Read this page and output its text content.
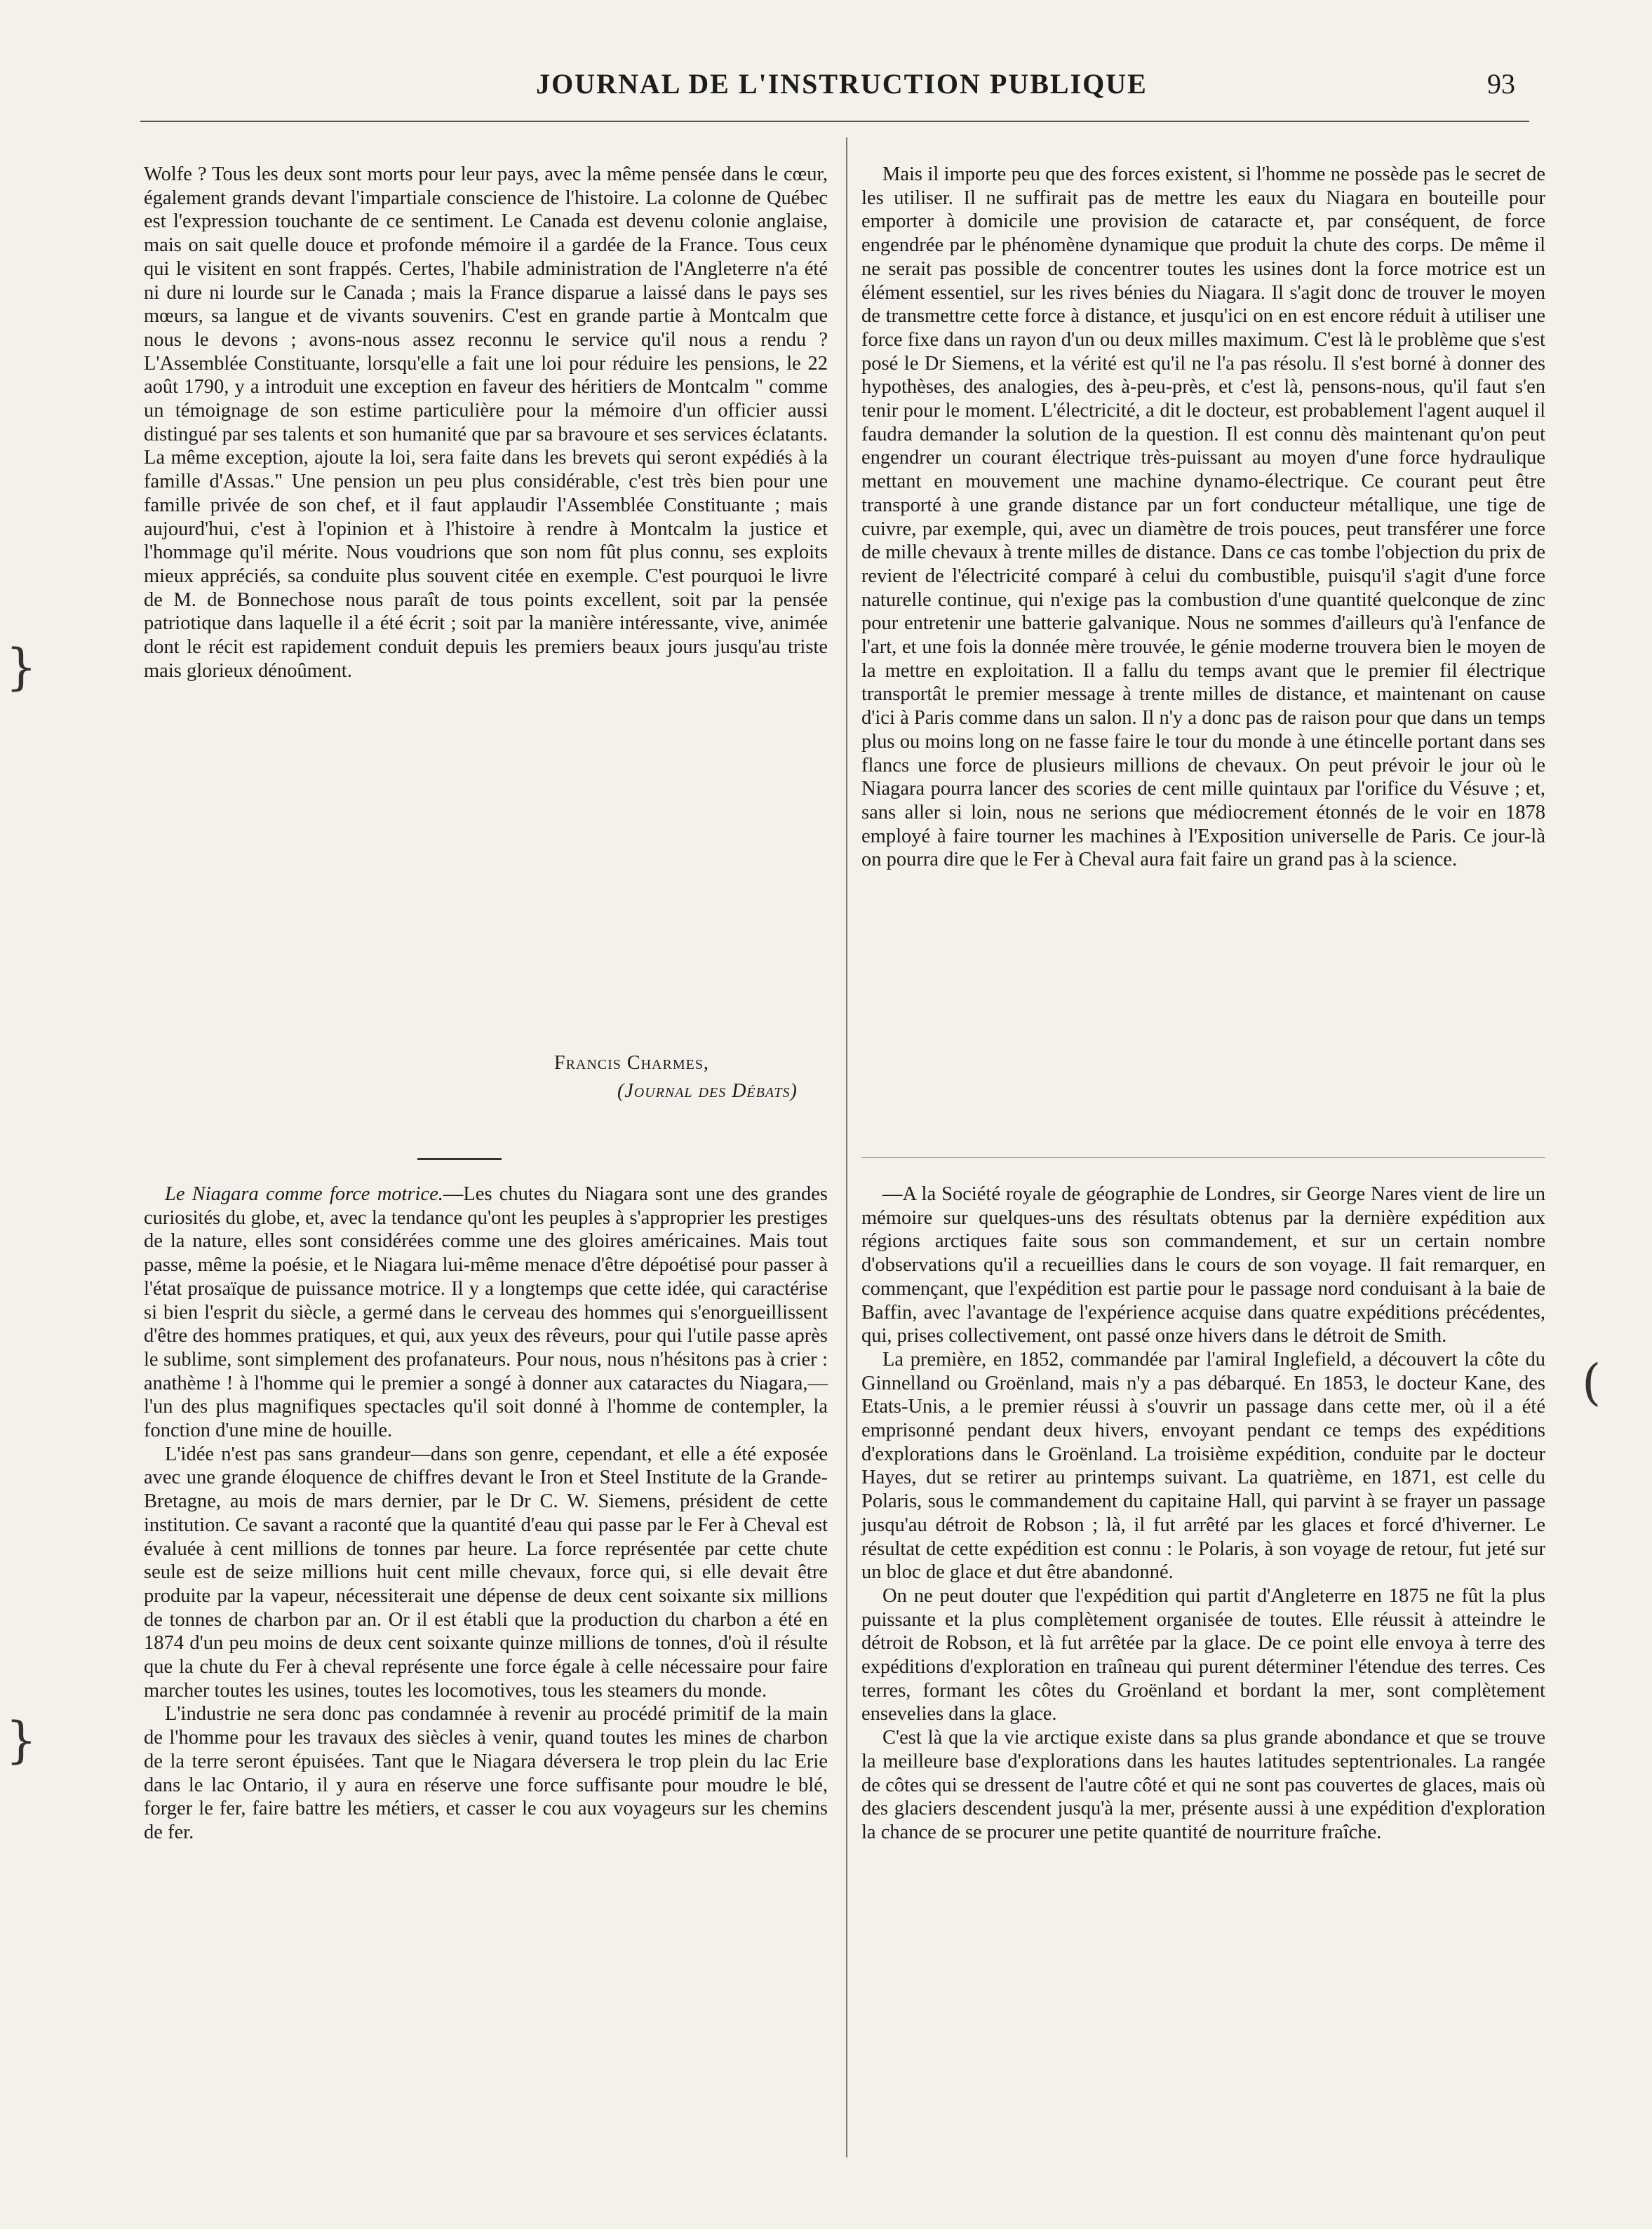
JOURNAL DE L'INSTRUCTION PUBLIQUE	93

Wolfe ? Tous les deux sont morts pour leur pays, avec la même pensée dans le cœur, également grands devant l'impartiale conscience de l'histoire. La colonne de Québec est l'expression touchante de ce sentiment. Le Canada est devenu colonie anglaise, mais on sait quelle douce et profonde mémoire il a gardée de la France. Tous ceux qui le visitent en sont frappés. Certes, l'habile administration de l'Angleterre n'a été ni dure ni lourde sur le Canada ; mais la France disparue a laissé dans le pays ses mœurs, sa langue et de vivants souvenirs. C'est en grande partie à Montcalm que nous le devons ; avons-nous assez reconnu le service qu'il nous a rendu ? L'Assemblée Constituante, lorsqu'elle a fait une loi pour réduire les pensions, le 22 août 1790, y a introduit une exception en faveur des héritiers de Montcalm " comme un témoignage de son estime particulière pour la mémoire d'un officier aussi distingué par ses talents et son humanité que par sa bravoure et ses services éclatants. La même exception, ajoute la loi, sera faite dans les brevets qui seront expédiés à la famille d'Assas." Une pension un peu plus considérable, c'est très bien pour une famille privée de son chef, et il faut applaudir l'Assemblée Constituante ; mais aujourd'hui, c'est à l'opinion et à l'histoire à rendre à Montcalm la justice et l'hommage qu'il mérite. Nous voudrions que son nom fût plus connu, ses exploits mieux appréciés, sa conduite plus souvent citée en exemple. C'est pourquoi le livre de M. de Bonnechose nous paraît de tous points excellent, soit par la pensée patriotique dans laquelle il a été écrit ; soit par la manière intéressante, vive, animée dont le récit est rapidement conduit depuis les premiers beaux jours jusqu'au triste mais glorieux dénoûment.

Francis Charmes,
(Journal des Débats)

Le Niagara comme force motrice.—Les chutes du Niagara sont une des grandes curiosités du globe, et, avec la tendance qu'ont les peuples à s'approprier les prestiges de la nature, elles sont considérées comme une des gloires américaines. Mais tout passe, même la poésie, et le Niagara lui-même menace d'être dépoétisé pour passer à l'état prosaïque de puissance motrice. Il y a longtemps que cette idée, qui caractérise si bien l'esprit du siècle, a germé dans le cerveau des hommes qui s'enorgueillissent d'être des hommes pratiques, et qui, aux yeux des rêveurs, pour qui l'utile passe après le sublime, sont simplement des profanateurs. Pour nous, nous n'hésitons pas à crier : anathème ! à l'homme qui le premier a songé à donner aux cataractes du Niagara,—l'un des plus magnifiques spectacles qu'il soit donné à l'homme de contempler, la fonction d'une mine de houille.

L'idée n'est pas sans grandeur—dans son genre, cependant, et elle a été exposée avec une grande éloquence de chiffres devant le Iron et Steel Institute de la Grande-Bretagne, au mois de mars dernier, par le Dr C. W. Siemens, président de cette institution. Ce savant a raconté que la quantité d'eau qui passe par le Fer à Cheval est évaluée à cent millions de tonnes par heure. La force représentée par cette chute seule est de seize millions huit cent mille chevaux, force qui, si elle devait être produite par la vapeur, nécessiterait une dépense de deux cent soixante six millions de tonnes de charbon par an. Or il est établi que la production du charbon a été en 1874 d'un peu moins de deux cent soixante quinze millions de tonnes, d'où il résulte que la chute du Fer à cheval représente une force égale à celle nécessaire pour faire marcher toutes les usines, toutes les locomotives, tous les steamers du monde.

L'industrie ne sera donc pas condamnée à revenir au procédé primitif de la main de l'homme pour les travaux des siècles à venir, quand toutes les mines de charbon de la terre seront épuisées. Tant que le Niagara déversera le trop plein du lac Erie dans le lac Ontario, il y aura en réserve une force suffisante pour moudre le blé, forger le fer, faire battre les métiers, et casser le cou aux voyageurs sur les chemins de fer.

Mais il importe peu que des forces existent, si l'homme ne possède pas le secret de les utiliser. Il ne suffirait pas de mettre les eaux du Niagara en bouteille pour emporter à domicile une provision de cataracte et, par conséquent, de force engendrée par le phénomène dynamique que produit la chute des corps. De même il ne serait pas possible de concentrer toutes les usines dont la force motrice est un élément essentiel, sur les rives bénies du Niagara. Il s'agit donc de trouver le moyen de transmettre cette force à distance, et jusqu'ici on en est encore réduit à utiliser une force fixe dans un rayon d'un ou deux milles maximum. C'est là le problème que s'est posé le Dr Siemens, et la vérité est qu'il ne l'a pas résolu. Il s'est borné à donner des hypothèses, des analogies, des à-peu-près, et c'est là, pensons-nous, qu'il faut s'en tenir pour le moment. L'électricité, a dit le docteur, est probablement l'agent auquel il faudra demander la solution de la question. Il est connu dès maintenant qu'on peut engendrer un courant électrique très-puissant au moyen d'une force hydraulique mettant en mouvement une machine dynamo-électrique. Ce courant peut être transporté à une grande distance par un fort conducteur métallique, une tige de cuivre, par exemple, qui, avec un diamètre de trois pouces, peut transférer une force de mille chevaux à trente milles de distance. Dans ce cas tombe l'objection du prix de revient de l'électricité comparé à celui du combustible, puisqu'il s'agit d'une force naturelle continue, qui n'exige pas la combustion d'une quantité quelconque de zinc pour entretenir une batterie galvanique. Nous ne sommes d'ailleurs qu'à l'enfance de l'art, et une fois la donnée mère trouvée, le génie moderne trouvera bien le moyen de la mettre en exploitation. Il a fallu du temps avant que le premier fil électrique transportât le premier message à trente milles de distance, et maintenant on cause d'ici à Paris comme dans un salon. Il n'y a donc pas de raison pour que dans un temps plus ou moins long on ne fasse faire le tour du monde à une étincelle portant dans ses flancs une force de plusieurs millions de chevaux. On peut prévoir le jour où le Niagara pourra lancer des scories de cent mille quintaux par l'orifice du Vésuve ; et, sans aller si loin, nous ne serions que médiocrement étonnés de le voir en 1878 employé à faire tourner les machines à l'Exposition universelle de Paris. Ce jour-là on pourra dire que le Fer à Cheval aura fait faire un grand pas à la science.

—A la Société royale de géographie de Londres, sir George Nares vient de lire un mémoire sur quelques-uns des résultats obtenus par la dernière expédition aux régions arctiques faite sous son commandement, et sur un certain nombre d'observations qu'il a recueillies dans le cours de son voyage. Il fait remarquer, en commençant, que l'expédition est partie pour le passage nord conduisant à la baie de Baffin, avec l'avantage de l'expérience acquise dans quatre expéditions précédentes, qui, prises collectivement, ont passé onze hivers dans le détroit de Smith.

La première, en 1852, commandée par l'amiral Inglefield, a découvert la côte du Ginnelland ou Groënland, mais n'y a pas débarqué. En 1853, le docteur Kane, des Etats-Unis, a le premier réussi à s'ouvrir un passage dans cette mer, où il a été emprisonné pendant deux hivers, envoyant pendant ce temps des expéditions d'explorations dans le Groënland. La troisième expédition, conduite par le docteur Hayes, dut se retirer au printemps suivant. La quatrième, en 1871, est celle du Polaris, sous le commandement du capitaine Hall, qui parvint à se frayer un passage jusqu'au détroit de Robson ; là, il fut arrêté par les glaces et forcé d'hiverner. Le résultat de cette expédition est connu : le Polaris, à son voyage de retour, fut jeté sur un bloc de glace et dut être abandonné.

On ne peut douter que l'expédition qui partit d'Angleterre en 1875 ne fût la plus puissante et la plus complètement organisée de toutes. Elle réussit à atteindre le détroit de Robson, et là fut arrêtée par la glace. De ce point elle envoya à terre des expéditions d'exploration en traîneau qui purent déterminer l'étendue des terres. Ces terres, formant les côtes du Groënland et bordant la mer, sont complètement ensevelies dans la glace.

C'est là que la vie arctique existe dans sa plus grande abondance et que se trouve la meilleure base d'explorations dans les hautes latitudes septentrionales. La rangée de côtes qui se dressent de l'autre côté et qui ne sont pas couvertes de glaces, mais où des glaciers descendent jusqu'à la mer, présente aussi à une expédition d'exploration la chance de se procurer une petite quantité de nourriture fraîche.

}
}
(
